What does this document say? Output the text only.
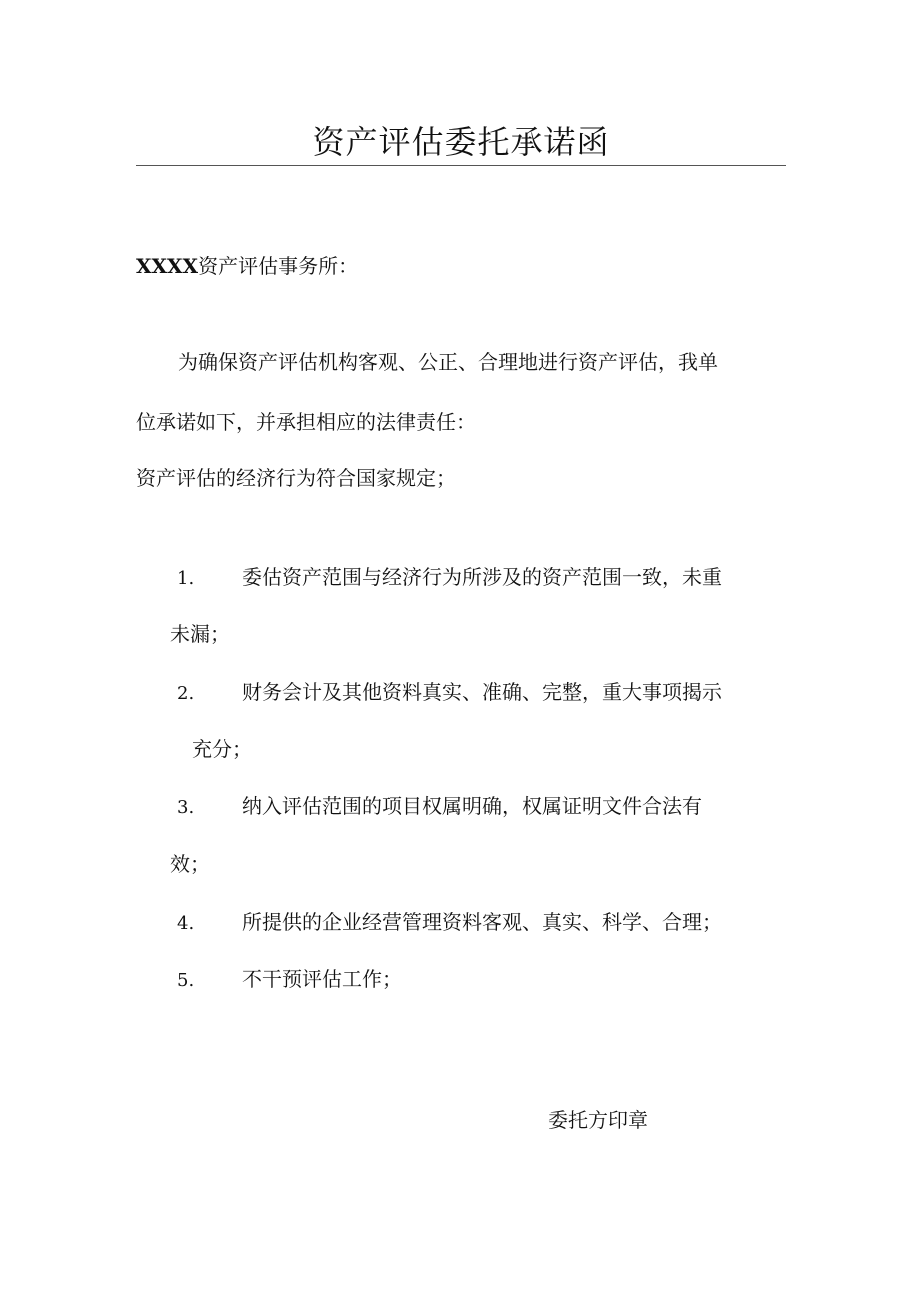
资产评估委托承诺函
XXXX资产评估事务所：
为确保资产评估机构客观、公正、合理地进行资产评估，我单
位承诺如下，并承担相应的法律责任：
资产评估的经济行为符合国家规定；
1. 委估资产范围与经济行为所涉及的资产范围一致，未重
未漏；
2. 财务会计及其他资料真实、准确、完整，重大事项揭示
充分；
3. 纳入评估范围的项目权属明确，权属证明文件合法有
效；
4. 所提供的企业经营管理资料客观、真实、科学、合理；
5. 不干预评估工作；
委托方印章
